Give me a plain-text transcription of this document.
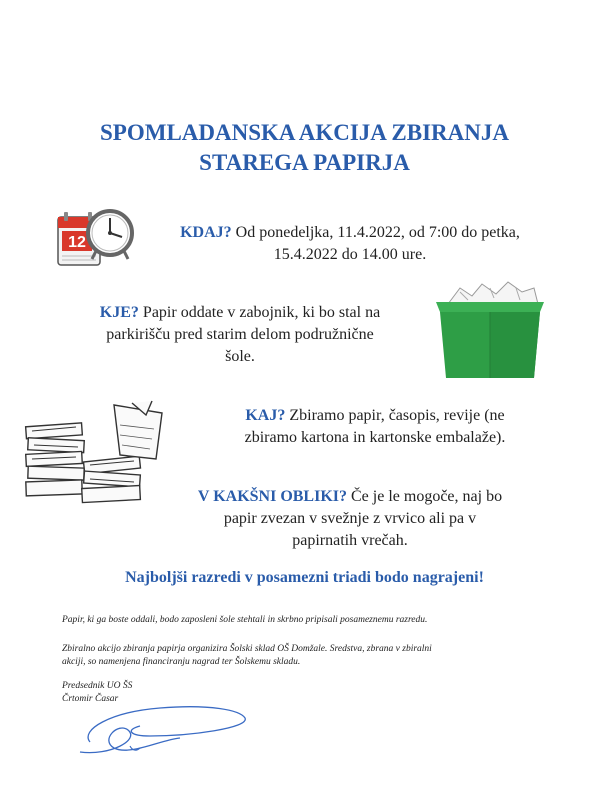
SPOMLADANSKA AKCIJA ZBIRANJA
STAREGA PAPIRJA
12
KDAJ? Od ponedeljka, 11.4.2022, od 7:00 do petka,
15.4.2022 do 14.00 ure.
KJE? Papir oddate v zabojnik, ki bo stal na
parkirišču pred starim delom podružnične
šole.
KAJ? Zbiramo papir, časopis, revije (ne
zbiramo kartona in kartonske embalaže).
V KAKŠNI OBLIKI? Če je le mogoče, naj bo
papir zvezan v svežnje z vrvico ali pa v
papirnatih vrečah.
Najboljši razredi v posamezni triadi bodo nagrajeni!
Papir, ki ga boste oddali, bodo zaposleni šole stehtali in skrbno pripisali posameznemu razredu.
Zbiralno akcijo zbiranja papirja organizira Šolski sklad OŠ Domžale. Sredstva, zbrana v zbiralni
akciji, so namenjena financiranju nagrad ter Šolskemu skladu.
Predsednik UO ŠS
Črtomir Časar
